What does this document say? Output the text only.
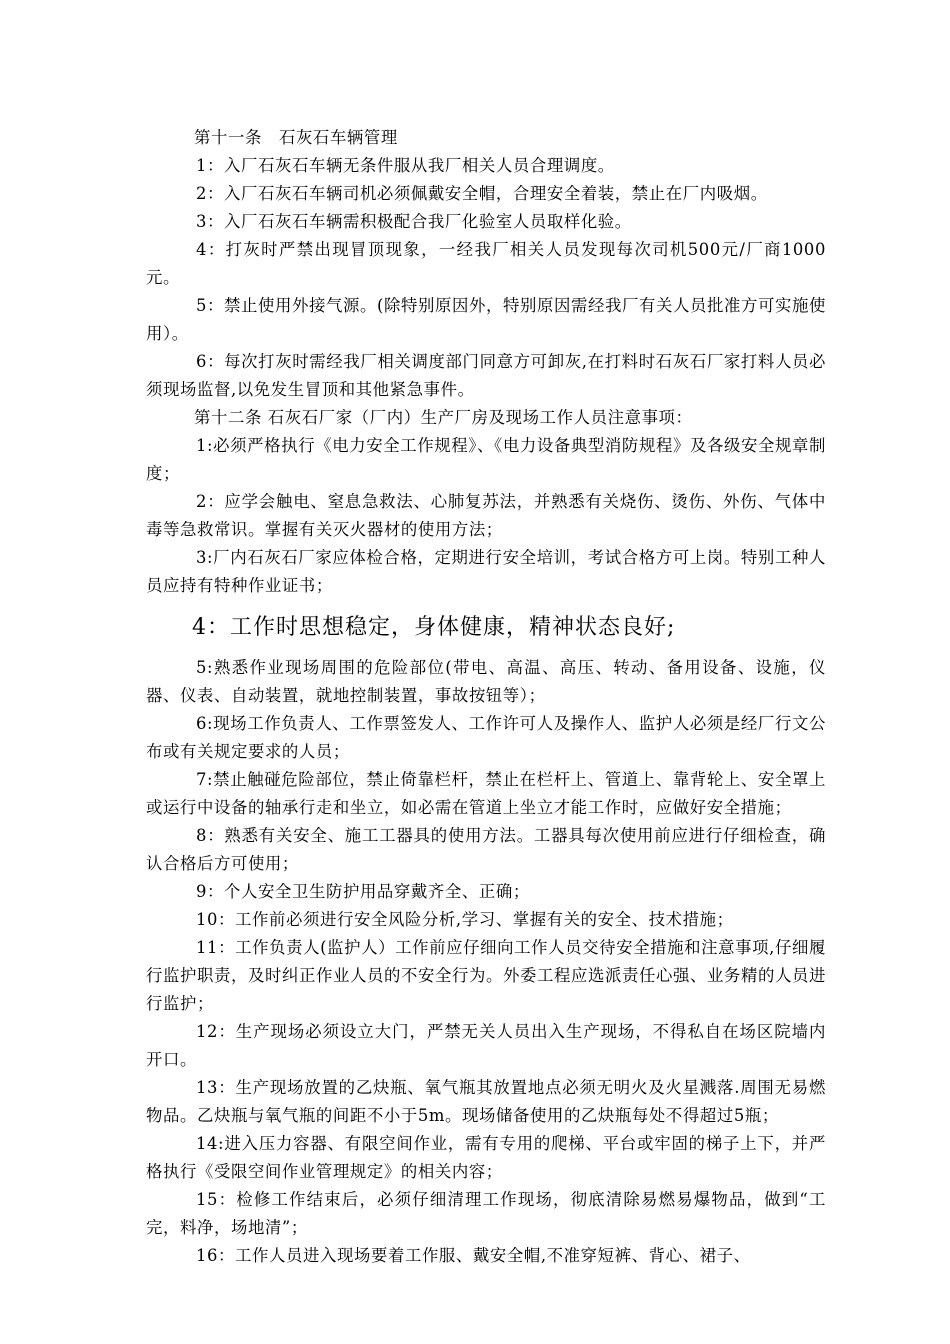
第十一条　石灰石车辆管理

1：入厂石灰石车辆无条件服从我厂相关人员合理调度。

2：入厂石灰石车辆司机必须佩戴安全帽，合理安全着装，禁止在厂内吸烟。

3：入厂石灰石车辆需积极配合我厂化验室人员取样化验。

4：打灰时严禁出现冒顶现象，一经我厂相关人员发现每次司机500元/厂商1000元。

5：禁止使用外接气源。(除特别原因外，特别原因需经我厂有关人员批准方可实施使用）。

6：每次打灰时需经我厂相关调度部门同意方可卸灰,在打料时石灰石厂家打料人员必须现场监督,以免发生冒顶和其他紧急事件。

第十二条 石灰石厂家（厂内）生产厂房及现场工作人员注意事项：

1:必须严格执行《电力安全工作规程》、《电力设备典型消防规程》及各级安全规章制度；

2：应学会触电、窒息急救法、心肺复苏法，并熟悉有关烧伤、烫伤、外伤、气体中毒等急救常识。掌握有关灭火器材的使用方法；

3:厂内石灰石厂家应体检合格，定期进行安全培训，考试合格方可上岗。特别工种人员应持有特种作业证书；

4：工作时思想稳定，身体健康，精神状态良好;

5:熟悉作业现场周围的危险部位(带电、高温、高压、转动、备用设备、设施，仪器、仪表、自动装置，就地控制装置，事故按钮等）；

6:现场工作负责人、工作票签发人、工作许可人及操作人、监护人必须是经厂行文公布或有关规定要求的人员；

7:禁止触碰危险部位，禁止倚靠栏杆，禁止在栏杆上、管道上、靠背轮上、安全罩上或运行中设备的轴承行走和坐立，如必需在管道上坐立才能工作时，应做好安全措施；

8：熟悉有关安全、施工工器具的使用方法。工器具每次使用前应进行仔细检查，确认合格后方可使用；

9：个人安全卫生防护用品穿戴齐全、正确；

10：工作前必须进行安全风险分析,学习、掌握有关的安全、技术措施；

11：工作负责人(监护人）工作前应仔细向工作人员交待安全措施和注意事项,仔细履行监护职责，及时纠正作业人员的不安全行为。外委工程应选派责任心强、业务精的人员进行监护；

12：生产现场必须设立大门，严禁无关人员出入生产现场，不得私自在场区院墙内开口。

13：生产现场放置的乙炔瓶、氧气瓶其放置地点必须无明火及火星溅落.周围无易燃物品。乙炔瓶与氧气瓶的间距不小于5m。现场储备使用的乙炔瓶每处不得超过5瓶；

14:进入压力容器、有限空间作业，需有专用的爬梯、平台或牢固的梯子上下，并严格执行《受限空间作业管理规定》的相关内容；

15：检修工作结束后，必须仔细清理工作现场，彻底清除易燃易爆物品，做到“工完，料净，场地清”；

16：工作人员进入现场要着工作服、戴安全帽,不准穿短裤、背心、裙子、
